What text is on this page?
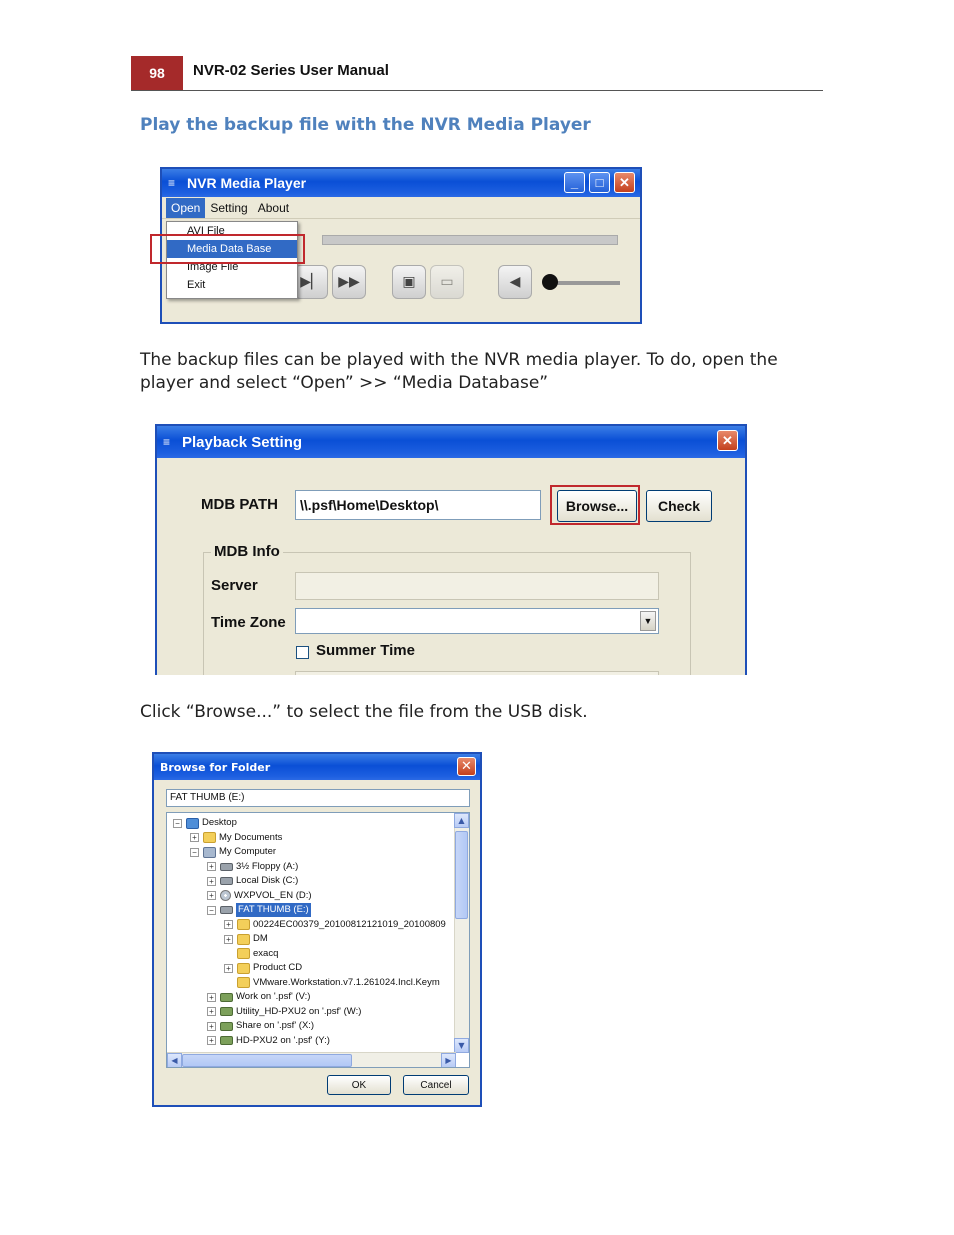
98	NVR-02 Series User Manual
Play the backup file with the NVR Media Player
≡ NVR Media Player	_	□	✕
Open Setting About
▶▏	▶▶	▣	▭	◀
AVI File
Media Data Base
Image File
Exit
The backup files can be played with the NVR media player. To do, open the player and select “Open” >> “Media Database”
≡ Playback Setting	✕
MDB PATH	\\.psf\Home\Desktop\	Browse...	Check
MDB Info
Server
Time Zone	▼
Summer Time
Click “Browse...” to select the file from the USB disk.
Browse for Folder	✕
FAT THUMB (E:)
+ HD-PXU2 on '.psf' (Y:)
+ Share on '.psf' (X:)
+ Utility_HD-PXU2 on '.psf' (W:)
+ Work on '.psf' (V:)
VMware.Workstation.v7.1.261024.Incl.Keym
+ Product CD
exacq
+ DM
+ 00224EC00379_20100812121019_20100809
−	FAT THUMB (E:)
+ WXPVOL_EN (D:)
+ Local Disk (C:)
+ 3½ Floppy (A:)
− My Computer
+ My Documents
− Desktop	▲
▼
◀	▶
OK	Cancel
